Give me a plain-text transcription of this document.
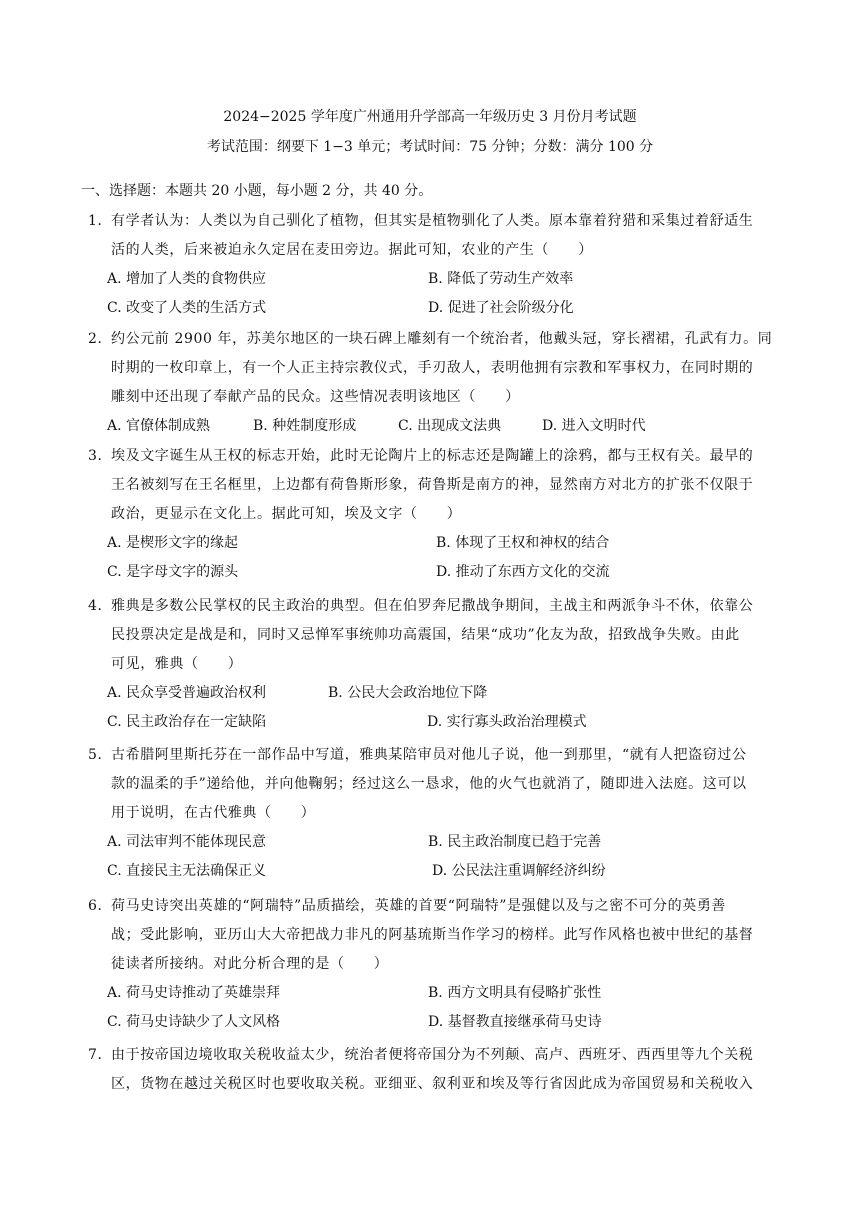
2024−2025 学年度广州通用升学部高一年级历史 3 月份月考试题
考试范围：纲要下 1−3 单元；考试时间：75 分钟；分数：满分 100 分
一、选择题：本题共 20 小题，每小题 2 分，共 40 分。
1．有学者认为：人类以为自己驯化了植物，但其实是植物驯化了人类。原本靠着狩猎和采集过着舒适生
活的人类，后来被迫永久定居在麦田旁边。据此可知，农业的产生（　　）
A. 增加了人类的食物供应	B. 降低了劳动生产效率
C. 改变了人类的生活方式	D. 促进了社会阶级分化
2．约公元前 2900 年，苏美尔地区的一块石碑上雕刻有一个统治者，他戴头冠，穿长褶裙，孔武有力。同
时期的一枚印章上，有一个人正主持宗教仪式，手刃敌人，表明他拥有宗教和军事权力，在同时期的
雕刻中还出现了奉献产品的民众。这些情况表明该地区（　　）
A. 官僚体制成熟	B. 种姓制度形成	C. 出现成文法典	D. 进入文明时代
3．埃及文字诞生从王权的标志开始，此时无论陶片上的标志还是陶罐上的涂鸦，都与王权有关。最早的
王名被刻写在王名框里，上边都有荷鲁斯形象，荷鲁斯是南方的神，显然南方对北方的扩张不仅限于
政治，更显示在文化上。据此可知，埃及文字（　　）
A. 是楔形文字的缘起	B. 体现了王权和神权的结合
C. 是字母文字的源头	D. 推动了东西方文化的交流
4．雅典是多数公民掌权的民主政治的典型。但在伯罗奔尼撒战争期间，主战主和两派争斗不休，依靠公
民投票决定是战是和，同时又忌惮军事统帅功高震国，结果“成功”化友为敌，招致战争失败。由此
可见，雅典（　　）
A. 民众享受普遍政治权利	B. 公民大会政治地位下降
C. 民主政治存在一定缺陷	D. 实行寡头政治治理模式
5．古希腊阿里斯托芬在一部作品中写道，雅典某陪审员对他儿子说，他一到那里，“就有人把盗窃过公
款的温柔的手”递给他，并向他鞠躬；经过这么一恳求，他的火气也就消了，随即进入法庭。这可以
用于说明，在古代雅典（　　）
A. 司法审判不能体现民意	B. 民主政治制度已趋于完善
C. 直接民主无法确保正义	D. 公民法注重调解经济纠纷
6．荷马史诗突出英雄的“阿瑞特”品质描绘，英雄的首要“阿瑞特”是强健以及与之密不可分的英勇善
战；受此影响，亚历山大大帝把战力非凡的阿基琉斯当作学习的榜样。此写作风格也被中世纪的基督
徒读者所接纳。对此分析合理的是（　　）
A. 荷马史诗推动了英雄崇拜	B. 西方文明具有侵略扩张性
C. 荷马史诗缺少了人文风格	D. 基督教直接继承荷马史诗
7．由于按帝国边境收取关税收益太少，统治者便将帝国分为不列颠、高卢、西班牙、西西里等九个关税
区，货物在越过关税区时也要收取关税。亚细亚、叙利亚和埃及等行省因此成为帝国贸易和关税收入
